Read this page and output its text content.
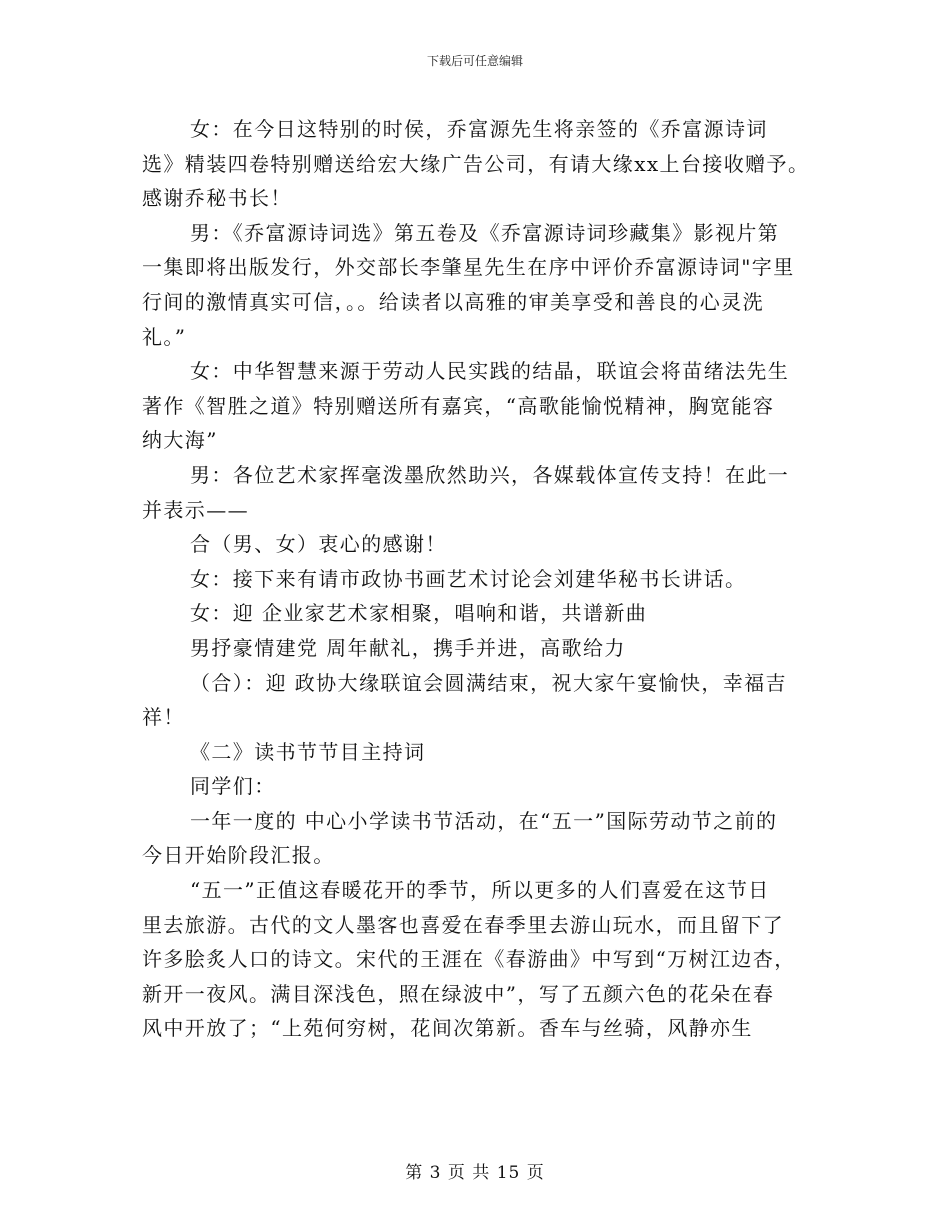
下载后可任意编辑
女：在今日这特别的时侯，乔富源先生将亲签的《乔富源诗词
选》精装四卷特别赠送给宏大缘广告公司，有请大缘xx上台接收赠予。
感谢乔秘书长！
男：《乔富源诗词选》第五卷及《乔富源诗词珍藏集》影视片第
一集即将出版发行，外交部长李肇星先生在序中评价乔富源诗词"字里
行间的激情真实可信，。。给读者以高雅的审美享受和善良的心灵洗
礼。”
女：中华智慧来源于劳动人民实践的结晶，联谊会将苗绪法先生
著作《智胜之道》特别赠送所有嘉宾，“高歌能愉悦精神，胸宽能容
纳大海”
男：各位艺术家挥毫泼墨欣然助兴，各媒载体宣传支持！在此一
并表示——
合（男、女）衷心的感谢！
女：接下来有请市政协书画艺术讨论会刘建华秘书长讲话。
女：迎 企业家艺术家相聚，唱响和谐，共谱新曲
男抒豪情建党 周年献礼，携手并进，高歌给力
（合）：迎 政协大缘联谊会圆满结束，祝大家午宴愉快，幸福吉
祥！
《二》读书节节目主持词
同学们：
一年一度的 中心小学读书节活动，在“五一”国际劳动节之前的
今日开始阶段汇报。
“五一”正值这春暖花开的季节，所以更多的人们喜爱在这节日
里去旅游。古代的文人墨客也喜爱在春季里去游山玩水，而且留下了
许多脍炙人口的诗文。宋代的王涯在《春游曲》中写到“万树江边杏，
新开一夜风。满目深浅色，照在绿波中”，写了五颜六色的花朵在春
风中开放了；“上苑何穷树，花间次第新。香车与丝骑，风静亦生
第 3 页 共 15 页
